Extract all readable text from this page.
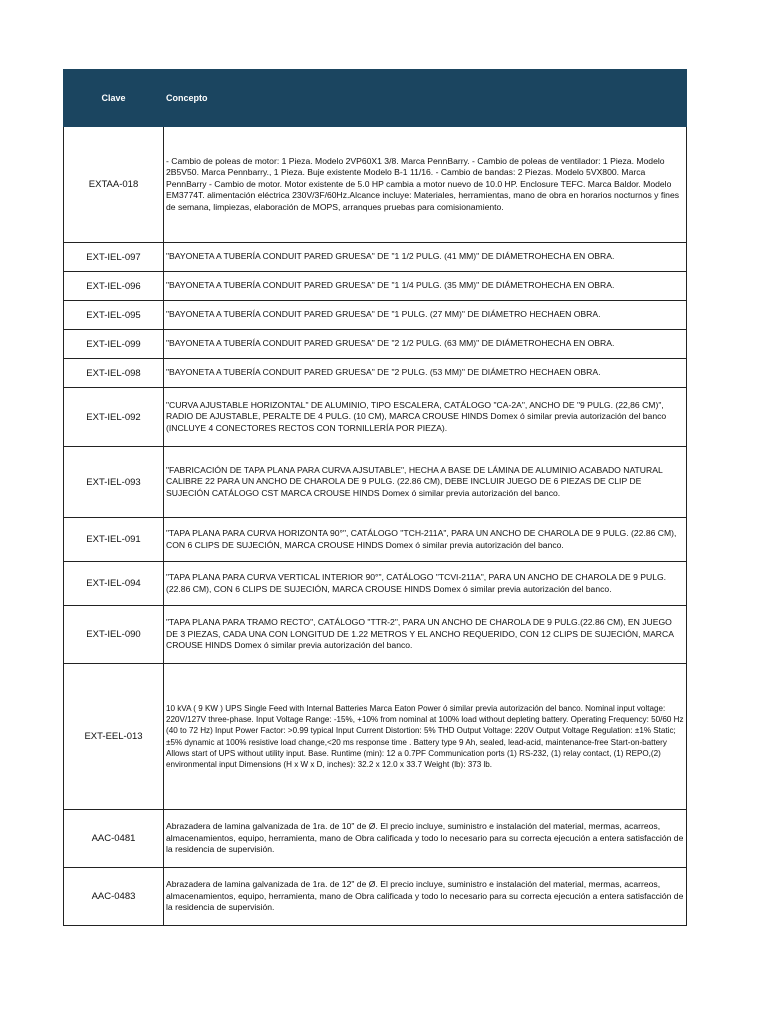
Clave	Concepto
EXTAA-018	- Cambio de poleas de motor: 1 Pieza. Modelo 2VP60X1 3/8. Marca PennBarry. - Cambio de poleas de ventilador: 1 Pieza. Modelo 2B5V50. Marca Pennbarry., 1 Pieza. Buje existente Modelo B-1 11/16. - Cambio de bandas: 2 Piezas. Modelo 5VX800. Marca PennBarry - Cambio de motor. Motor existente de 5.0 HP cambia a motor nuevo de 10.0 HP. Enclosure TEFC. Marca Baldor. Modelo EM3774T. alimentación eléctrica 230V/3F/60Hz.Alcance incluye: Materiales, herramientas, mano de obra en horarios nocturnos y fines de semana, limpiezas, elaboración de MOPS, arranques pruebas para comisionamiento.
EXT-IEL-097	"BAYONETA A TUBERÍA CONDUIT PARED GRUESA" DE "1 1/2 PULG. (41 MM)" DE DIÁMETROHECHA EN OBRA.
EXT-IEL-096	"BAYONETA A TUBERÍA CONDUIT PARED GRUESA" DE "1 1/4 PULG. (35 MM)" DE DIÁMETROHECHA EN OBRA.
EXT-IEL-095	"BAYONETA A TUBERÍA CONDUIT PARED GRUESA" DE "1 PULG. (27 MM)" DE DIÁMETRO HECHAEN OBRA.
EXT-IEL-099	"BAYONETA A TUBERÍA CONDUIT PARED GRUESA" DE "2 1/2 PULG. (63 MM)" DE DIÁMETROHECHA EN OBRA.
EXT-IEL-098	"BAYONETA A TUBERÍA CONDUIT PARED GRUESA" DE "2 PULG. (53 MM)" DE DIÁMETRO HECHAEN OBRA.
EXT-IEL-092	"CURVA AJUSTABLE HORIZONTAL" DE ALUMINIO, TIPO ESCALERA, CATÁLOGO "CA-2A", ANCHO DE "9 PULG. (22,86 CM)", RADIO DE AJUSTABLE, PERALTE DE 4 PULG. (10 CM), MARCA CROUSE HINDS Domex ó similar previa autorización del banco (INCLUYE 4 CONECTORES RECTOS CON TORNILLERÍA POR PIEZA).
EXT-IEL-093	"FABRICACIÓN DE TAPA PLANA PARA CURVA AJSUTABLE", HECHA A BASE DE LÁMINA DE ALUMINIO ACABADO NATURAL CALIBRE 22 PARA UN ANCHO DE CHAROLA DE 9 PULG. (22.86 CM), DEBE INCLUIR JUEGO DE 6 PIEZAS DE CLIP DE SUJECIÓN CATÁLOGO CST MARCA CROUSE HINDS Domex ó similar previa autorización del banco.
EXT-IEL-091	"TAPA PLANA PARA CURVA HORIZONTA 90°", CATÁLOGO "TCH-211A", PARA UN ANCHO DE CHAROLA DE 9 PULG. (22.86 CM), CON 6 CLIPS DE SUJECIÓN, MARCA CROUSE HINDS Domex ó similar previa autorización del banco.
EXT-IEL-094	"TAPA PLANA PARA CURVA VERTICAL INTERIOR 90°", CATÁLOGO "TCVI-211A", PARA UN ANCHO DE CHAROLA DE 9 PULG. (22.86 CM), CON 6 CLIPS DE SUJECIÓN, MARCA CROUSE HINDS Domex ó similar previa autorización del banco.
EXT-IEL-090	"TAPA PLANA PARA TRAMO RECTO", CATÁLOGO "TTR-2", PARA UN ANCHO DE CHAROLA DE 9 PULG.(22.86 CM), EN JUEGO DE 3 PIEZAS, CADA UNA CON LONGITUD DE 1.22 METROS Y EL ANCHO REQUERIDO, CON 12 CLIPS DE SUJECIÓN, MARCA CROUSE HINDS Domex ó similar previa autorización del banco.
EXT-EEL-013	10 kVA ( 9 KW ) UPS Single Feed with Internal Batteries Marca Eaton Power ó similar previa autorización del banco. Nominal input voltage: 220V/127V three-phase. Input Voltage Range: -15%, +10% from nominal at 100% load without depleting battery. Operating Frequency: 50/60 Hz (40 to 72 Hz) Input Power Factor: >0.99 typical Input Current Distortion: 5% THD Output Voltage: 220V Output Voltage Regulation: ±1% Static; ±5% dynamic at 100% resistive load change,<20 ms response time . Battery type 9 Ah, sealed, lead-acid, maintenance-free Start-on-battery Allows start of UPS without utility input. Base. Runtime (min): 12 a 0.7PF Communication ports (1) RS-232, (1) relay contact, (1) REPO,(2) environmental input Dimensions (H x W x D, inches): 32.2 x 12.0 x 33.7 Weight (lb): 373 lb.
AAC-0481	Abrazadera de lamina galvanizada de 1ra. de 10" de Ø. El precio incluye, suministro e instalación del material, mermas, acarreos, almacenamientos, equipo, herramienta, mano de Obra calificada y todo lo necesario para su correcta ejecución a entera satisfacción de la residencia de supervisión.
AAC-0483	Abrazadera de lamina galvanizada de 1ra. de 12" de Ø. El precio incluye, suministro e instalación del material, mermas, acarreos, almacenamientos, equipo, herramienta, mano de Obra calificada y todo lo necesario para su correcta ejecución a entera satisfacción de la residencia de supervisión.
